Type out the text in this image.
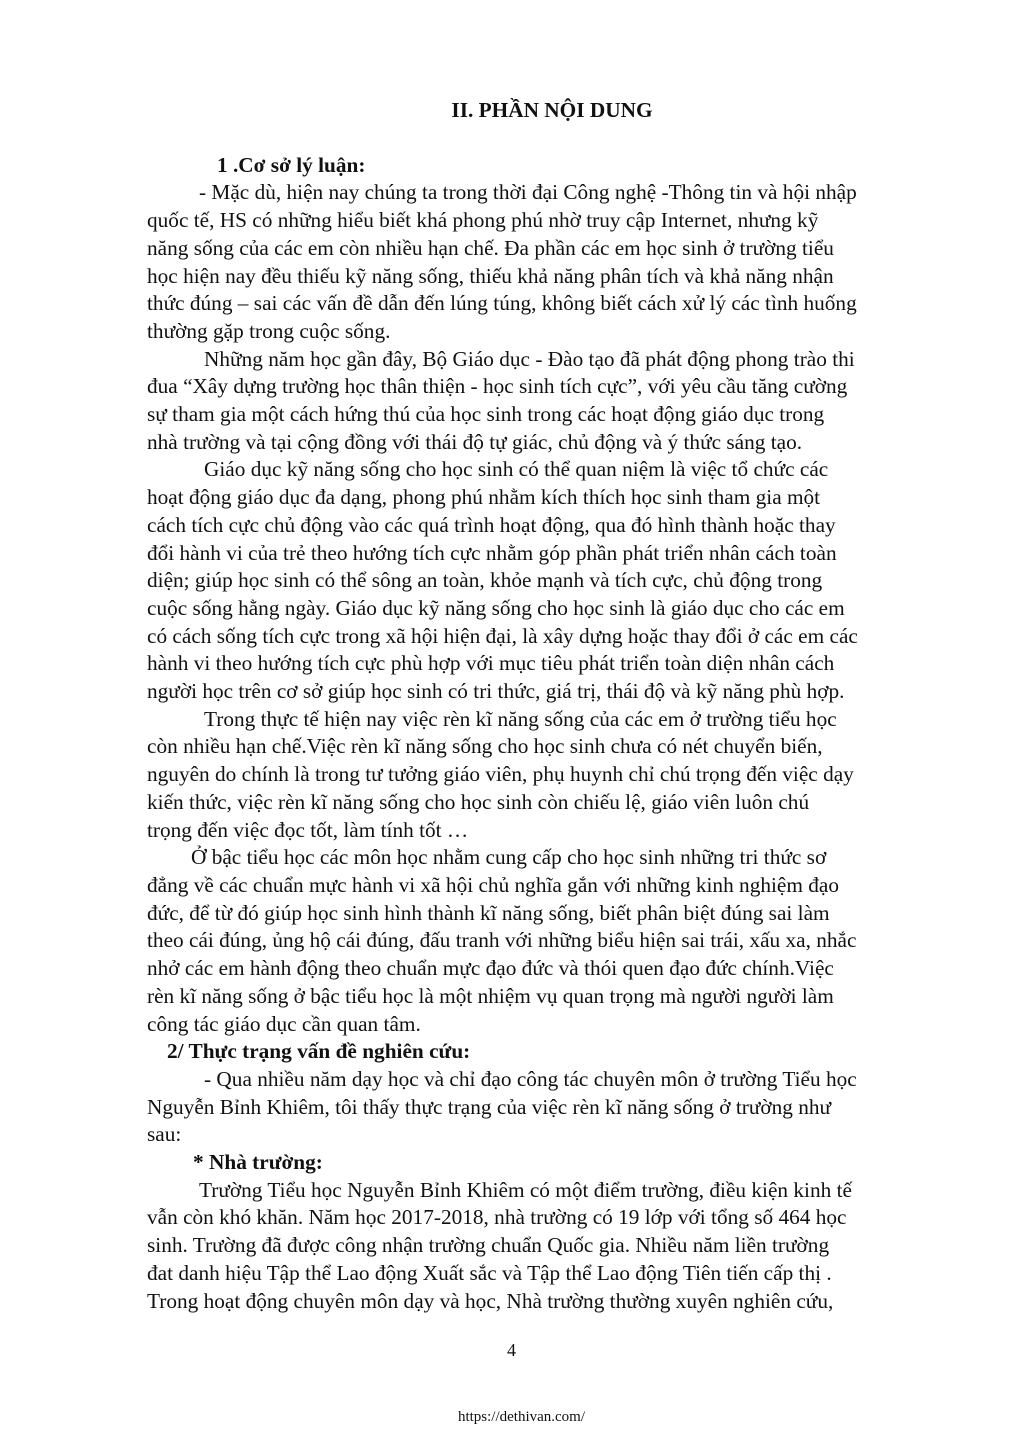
II. PHẦN NỘI DUNG
1 .Cơ sở lý luận:
- Mặc dù, hiện nay chúng ta trong thời đại Công nghệ -Thông tin và hội nhập
quốc tế, HS có những hiểu biết khá phong phú nhờ truy cập Internet, nhưng kỹ
năng sống của các em còn nhiều hạn chế. Đa phần các em học sinh ở trường tiểu
học hiện nay đều thiếu kỹ năng sống, thiếu khả năng phân tích và khả năng nhận
thức đúng – sai các vấn đề dẫn đến lúng túng, không biết cách xử lý các tình huống
thường gặp trong cuộc sống.
Những năm học gần đây, Bộ Giáo dục - Đào tạo đã phát động phong trào thi
đua “Xây dựng trường học thân thiện - học sinh tích cực”, với yêu cầu tăng cường
sự tham gia một cách hứng thú của học sinh trong các hoạt động giáo dục trong
nhà trường và tại cộng đồng với thái độ tự giác, chủ động và ý thức sáng tạo.
Giáo dục kỹ năng sống cho học sinh có thể quan niệm là việc tổ chức các
hoạt động giáo dục đa dạng, phong phú nhằm kích thích học sinh tham gia một
cách tích cực chủ động vào các quá trình hoạt động, qua đó hình thành hoặc thay
đổi hành vi của trẻ theo hướng tích cực nhằm góp phần phát triển nhân cách toàn
diện; giúp học sinh có thể sông an toàn, khỏe mạnh và tích cực, chủ động trong
cuộc sống hằng ngày. Giáo dục kỹ năng sống cho học sinh là giáo dục cho các em
có cách sống tích cực trong xã hội hiện đại, là xây dựng hoặc thay đổi ở các em các
hành vi theo hướng tích cực phù hợp với mục tiêu phát triển toàn diện nhân cách
người học trên cơ sở giúp học sinh có tri thức, giá trị, thái độ và kỹ năng phù hợp.
Trong thực tế hiện nay việc rèn kĩ năng sống của các em ở trường tiểu học
còn nhiều hạn chế.Việc rèn kĩ năng sống cho học sinh chưa có nét chuyển biến,
nguyên do chính là trong tư tưởng giáo viên, phụ huynh chỉ chú trọng đến việc dạy
kiến thức, việc rèn kĩ năng sống cho học sinh còn chiếu lệ, giáo viên luôn chú
trọng đến việc đọc tốt, làm tính tốt …
Ở bậc tiểu học các môn học nhằm cung cấp cho học sinh những tri thức sơ
đẳng về các chuẩn mực hành vi xã hội chủ nghĩa gắn với những kinh nghiệm đạo
đức, để từ đó giúp học sinh hình thành kĩ năng sống, biết phân biệt đúng sai làm
theo cái đúng, ủng hộ cái đúng, đấu tranh với những biểu hiện sai trái, xấu xa, nhắc
nhở các em hành động theo chuẩn mực đạo đức và thói quen đạo đức chính.Việc
rèn kĩ năng sống ở bậc tiểu học là một nhiệm vụ quan trọng mà người người làm
công tác giáo dục cần quan tâm.
2/ Thực trạng vấn đề nghiên cứu:
- Qua nhiều năm dạy học và chỉ đạo công tác chuyên môn ở trường Tiểu học
Nguyễn Bỉnh Khiêm, tôi thấy thực trạng của việc rèn kĩ năng sống ở trường như
sau:
* Nhà trường:
Trường Tiểu học Nguyễn Bỉnh Khiêm có một điểm trường, điều kiện kinh tế
vẫn còn khó khăn. Năm học 2017-2018, nhà trường có 19 lớp với tổng số 464 học
sinh. Trường đã được công nhận trường chuẩn Quốc gia. Nhiều năm liền trường
đat danh hiệu Tập thể Lao động Xuất sắc và Tập thể Lao động Tiên tiến cấp thị .
Trong hoạt động chuyên môn dạy và học, Nhà trường thường xuyên nghiên cứu,
4
https://dethivan.com/
